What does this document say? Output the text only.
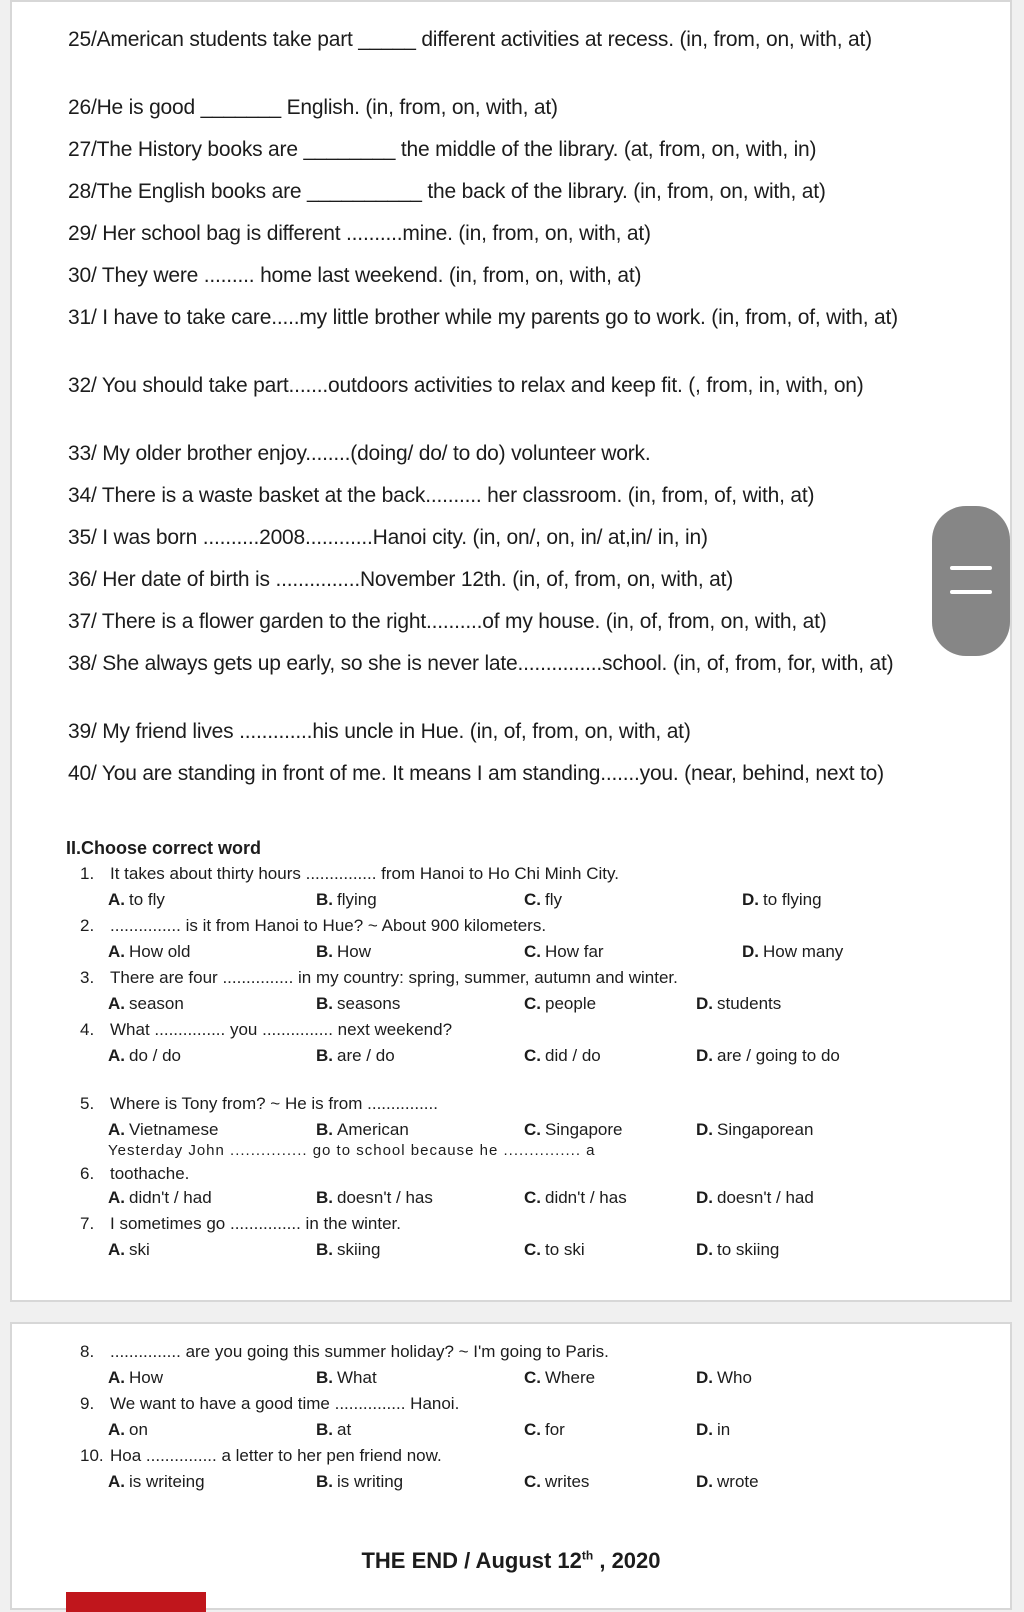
25/American students take part _____ different activities at recess. (in, from, on, with, at)
26/He is good _______ English. (in, from, on, with, at)
27/The History books are ________ the middle of the library. (at, from, on, with, in)
28/The English books are __________ the back of the library. (in, from, on, with, at)
29/ Her school bag is different ..........mine. (in, from, on, with, at)
30/ They were ......... home last weekend. (in, from, on, with, at)
31/ I have to take care.....my little brother while my parents go to work. (in, from, of, with, at)
32/ You should take part.......outdoors activities to relax and keep fit. (, from, in, with, on)
33/ My older brother enjoy........(doing/ do/ to do) volunteer work.
34/ There is a waste basket at the back.......... her classroom. (in, from, of, with, at)
35/ I was born ..........2008............Hanoi city. (in, on/, on, in/ at,in/ in, in)
36/ Her date of birth is ...............November 12th. (in, of, from, on, with, at)
37/ There is a flower garden to the right..........of my house. (in, of, from, on, with, at)
38/ She always gets up early, so she is never late...............school. (in, of, from, for, with, at)
39/ My friend lives .............his uncle in Hue. (in, of, from, on, with, at)
40/ You are standing in front of me. It means I am standing.......you. (near, behind, next to)
II.Choose correct word
1. It takes about thirty hours ............... from Hanoi to Ho Chi Minh City.
A. to fly	B. flying	C. fly	D. to flying
2. ............... is it from Hanoi to Hue? ~ About 900 kilometers.
A. How old	B. How	C. How far	D. How many
3. There are four ............... in my country: spring, summer, autumn and winter.
A. season	B. seasons	C. people	D. students
4. What ............... you ............... next weekend?
A. do / do	B. are / do	C. did / do	D. are / going to do
5. Where is Tony from? ~ He is from ...............
A. Vietnamese	B. American	C. Singapore	D. Singaporean
Yesterday John ............... go to school because he ............... a
6. toothache.
A. didn't / had	B. doesn't / has	C. didn't / has	D. doesn't / had
7. I sometimes go ............... in the winter.
A. ski	B. skiing	C. to ski	D. to skiing
8. ............... are you going this summer holiday? ~ I'm going to Paris.
A. How	B. What	C. Where	D. Who
9. We want to have a good time ............... Hanoi.
A. on	B. at	C. for	D. in
10. Hoa ............... a letter to her pen friend now.
A. is writeing	B. is writing	C. writes	D. wrote
THE END / August 12th , 2020
